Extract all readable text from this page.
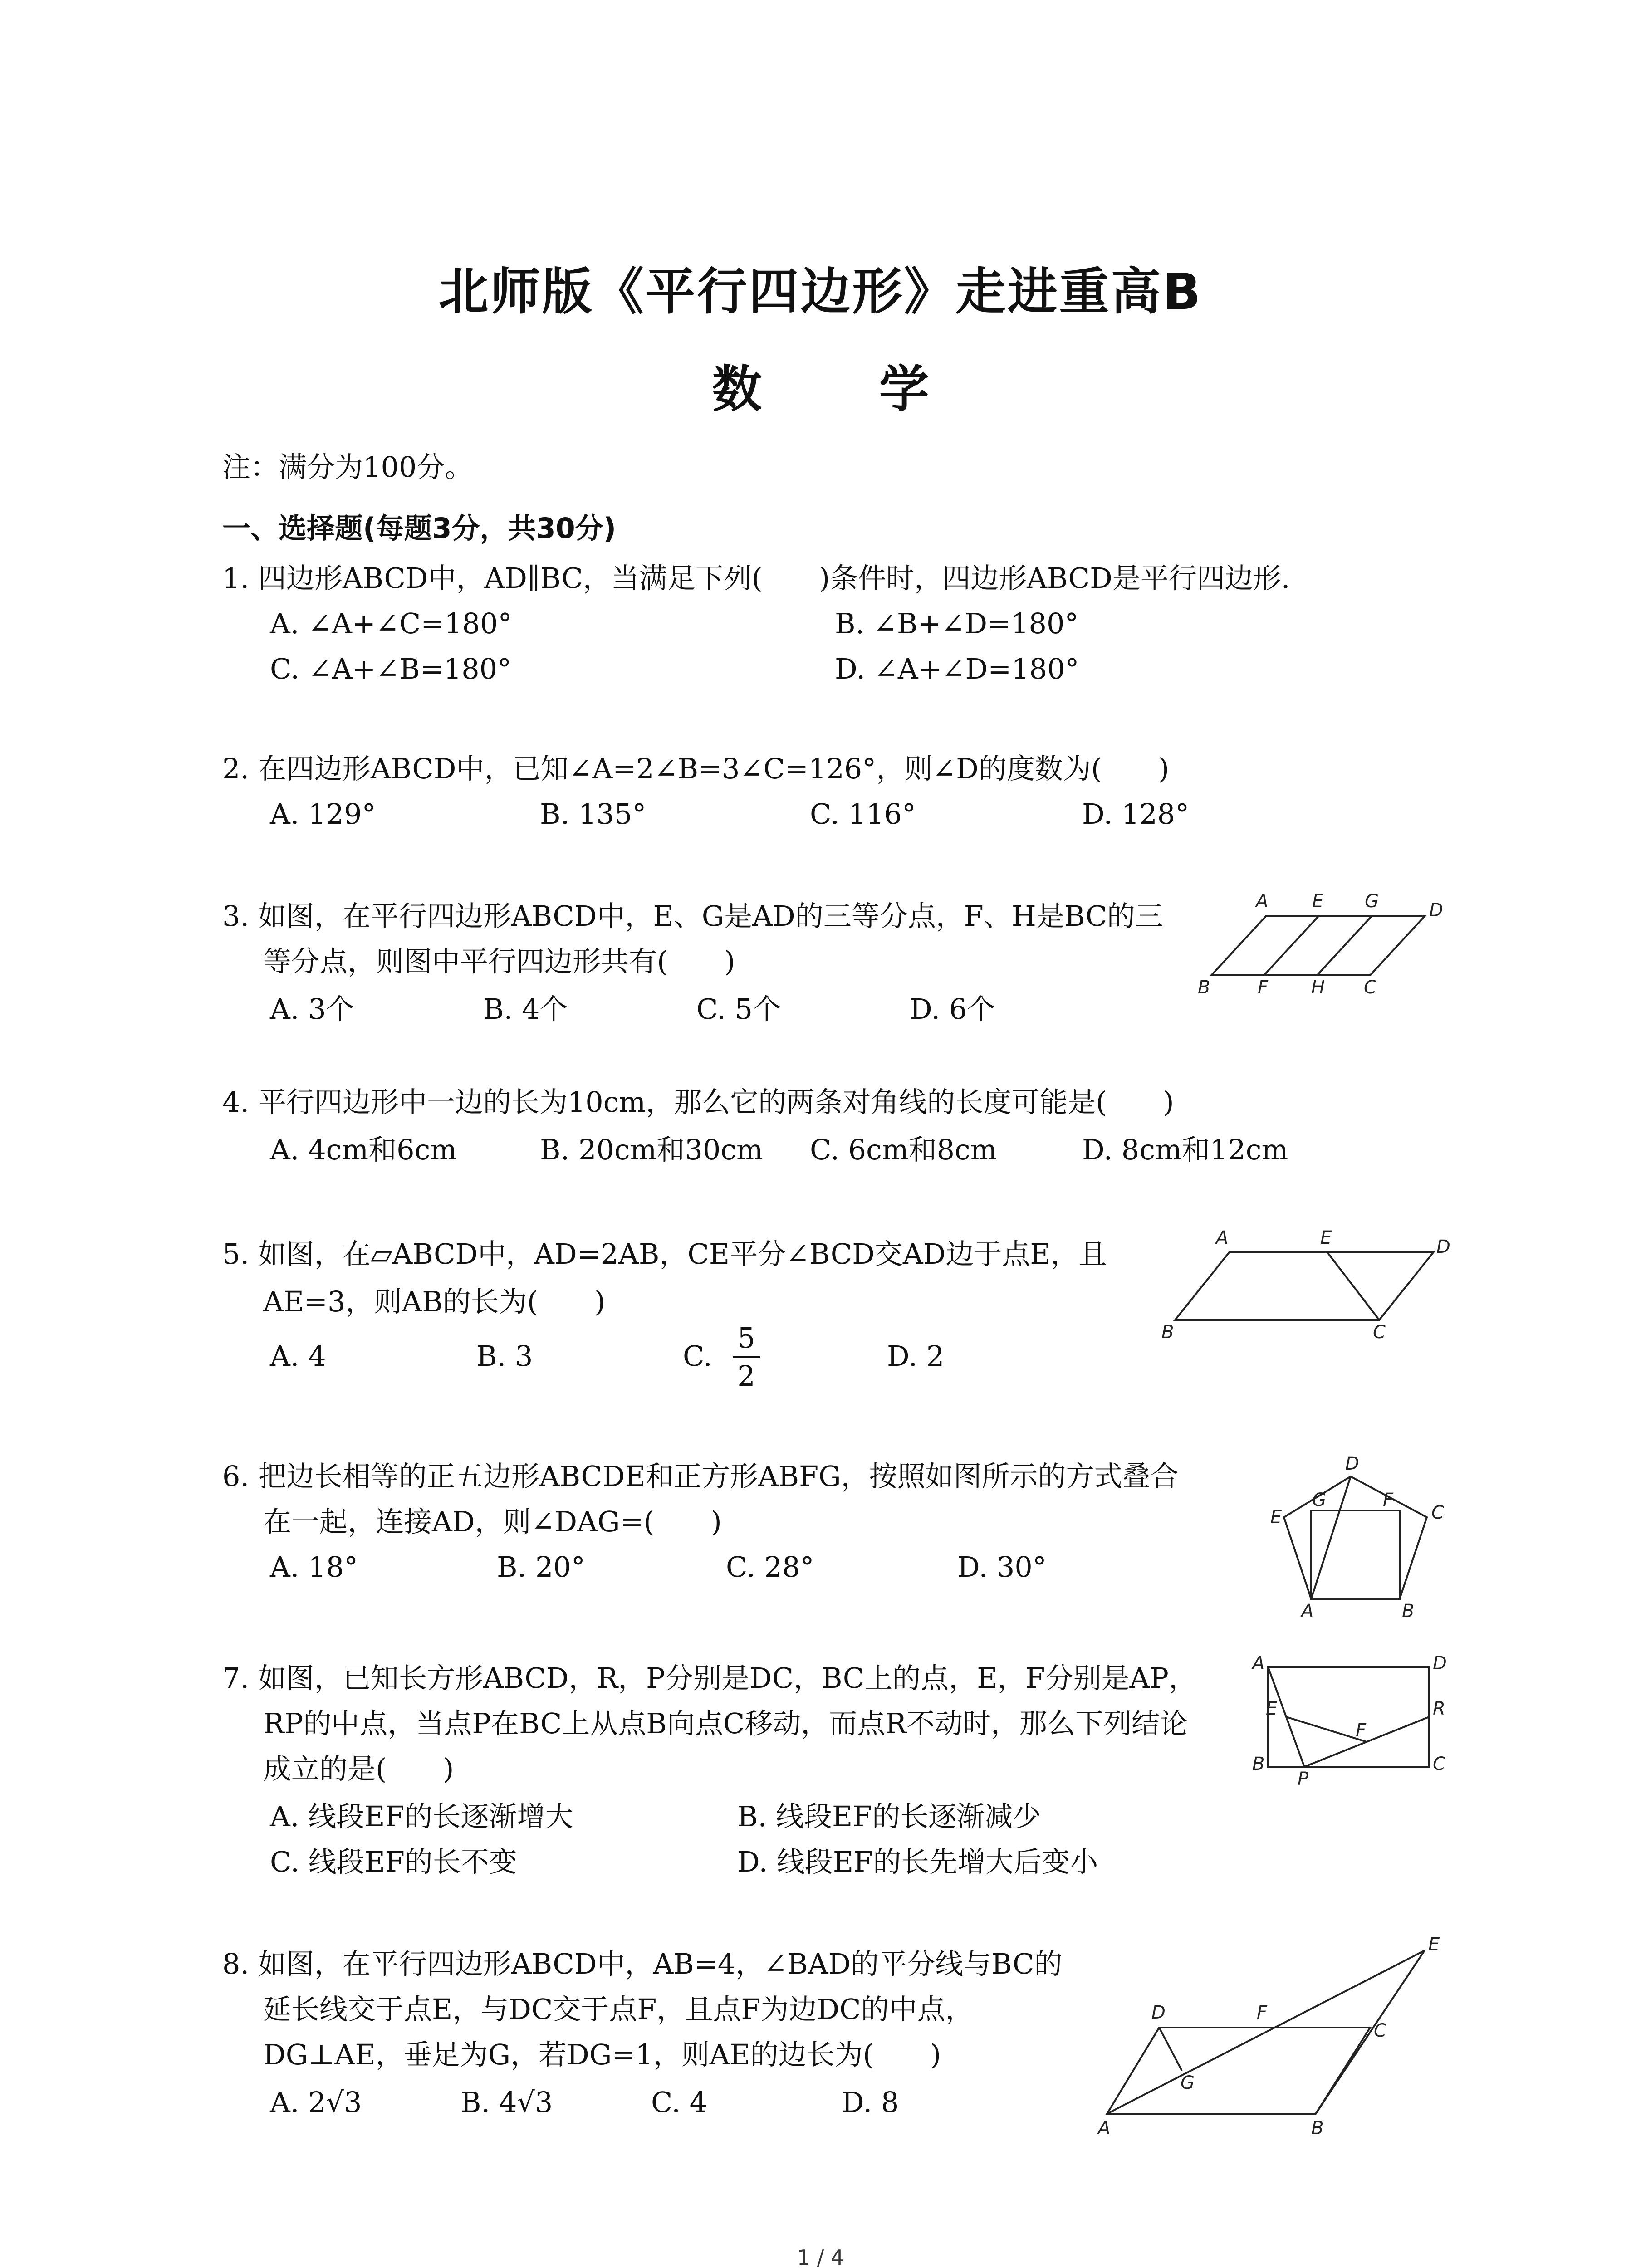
北师版《平行四边形》走进重高B
数 学
注：满分为100分。
一、选择题(每题3分，共30分)
1. 四边形ABCD中，AD∥BC，当满足下列(　　)条件时，四边形ABCD是平行四边形.
A. ∠A+∠C=180°	B. ∠B+∠D=180°
C. ∠A+∠B=180°	D. ∠A+∠D=180°
2. 在四边形ABCD中，已知∠A=2∠B=3∠C=126°，则∠D的度数为(　　)
A. 129°	B. 135°	C. 116°	D. 128°
3. 如图，在平行四边形ABCD中，E、G是AD的三等分点，F、H是BC的三
等分点，则图中平行四边形共有(　　)
A. 3个	B. 4个	C. 5个	D. 6个
A E G	D
B	F H C
4. 平行四边形中一边的长为10cm，那么它的两条对角线的长度可能是(　　)
A. 4cm和6cm	B. 20cm和30cm C. 6cm和8cm	D. 8cm和12cm
5. 如图，在▱ABCD中，AD=2AB，CE平分∠BCD交AD边于点E，且
AE=3，则AB的长为(　　)
A. 4	B. 3	C.
5
2
D. 2
A	E	D
B	C
6. 把边长相等的正五边形ABCDE和正方形ABFG，按照如图所示的方式叠合
在一起，连接AD，则∠DAG=(　　)
A. 18°	B. 20°	C. 28°	D. 30°
D
E
G	F
C
A	B
7. 如图，已知长方形ABCD，R，P分别是DC，BC上的点，E，F分别是AP，
RP的中点，当点P在BC上从点B向点C移动，而点R不动时，那么下列结论
成立的是(　　)
A. 线段EF的长逐渐增大	B. 线段EF的长逐渐减少
C. 线段EF的长不变	D. 线段EF的长先增大后变小
A	D
E	R
F
B
P
C
8. 如图，在平行四边形ABCD中，AB=4，∠BAD的平分线与BC的
延长线交于点E，与DC交于点F，且点F为边DC的中点，
DG⊥AE，垂足为G，若DG=1，则AE的边长为(　　)
A. 2√3	B. 4√3	C. 4	D. 8
E
D	F
C
G
A	B
1 / 4
